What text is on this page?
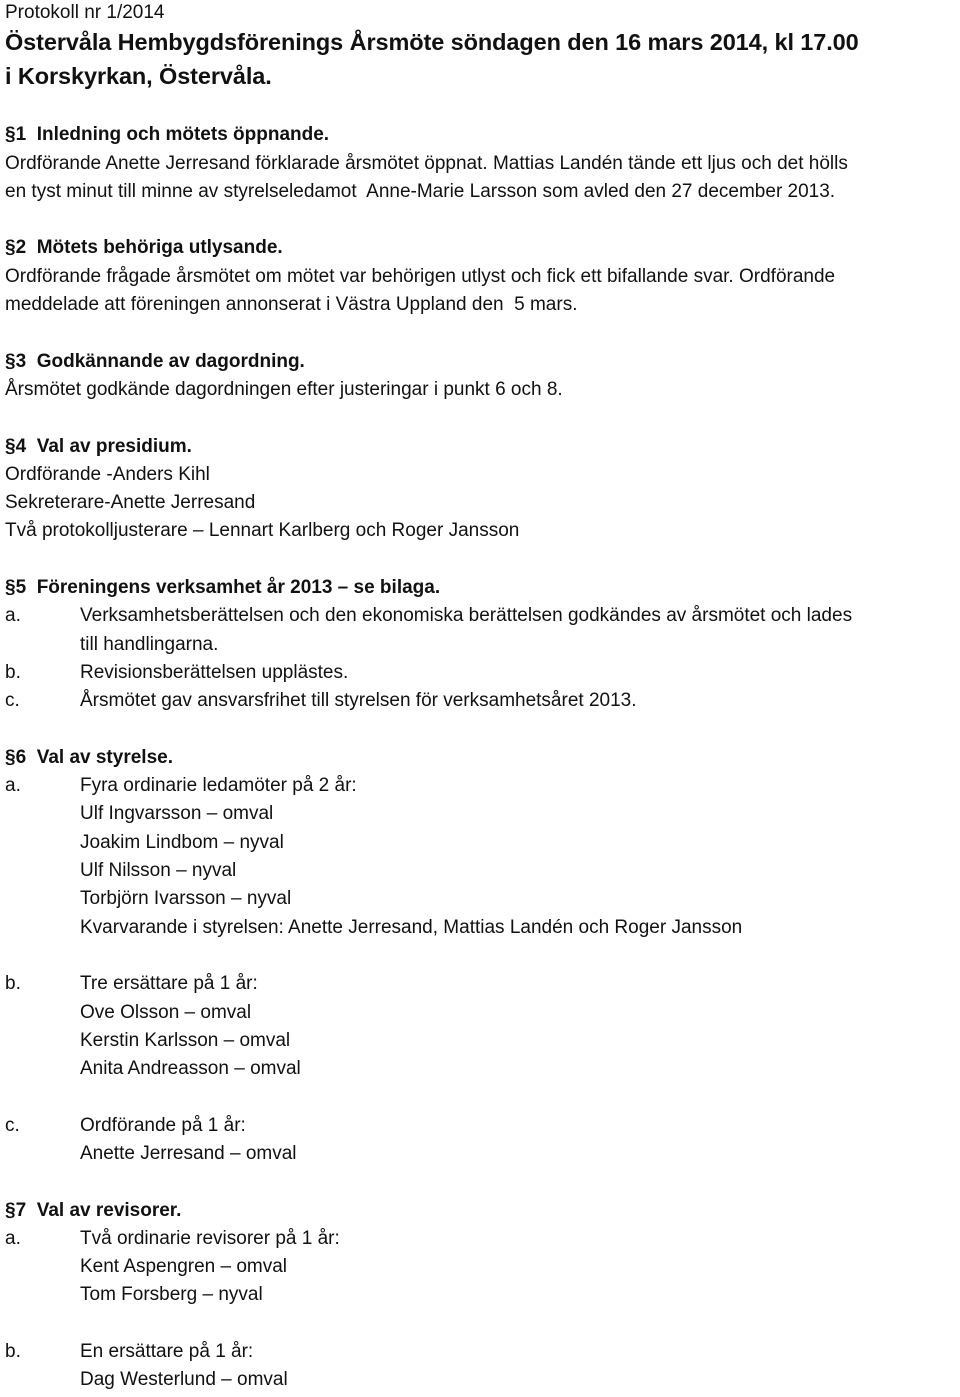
Protokoll nr 1/2014
Östervåla Hembygdsförenings Årsmöte söndagen den 16 mars 2014, kl 17.00
i Korskyrkan, Östervåla.
§1  Inledning och mötets öppnande.
Ordförande Anette Jerresand förklarade årsmötet öppnat. Mattias Landén tände ett ljus och det hölls
en tyst minut till minne av styrelseledamot  Anne-Marie Larsson som avled den 27 december 2013.
§2  Mötets behöriga utlysande.
Ordförande frågade årsmötet om mötet var behörigen utlyst och fick ett bifallande svar. Ordförande
meddelade att föreningen annonserat i Västra Uppland den  5 mars.
§3  Godkännande av dagordning.
Årsmötet godkände dagordningen efter justeringar i punkt 6 och 8.
§4  Val av presidium.
Ordförande -Anders Kihl
Sekreterare-Anette Jerresand
Två protokolljusterare – Lennart Karlberg och Roger Jansson
§5  Föreningens verksamhet år 2013 – se bilaga.
a.	Verksamhetsberättelsen och den ekonomiska berättelsen godkändes av årsmötet och lades
till handlingarna.
b.	Revisionsberättelsen upplästes.
c.	Årsmötet gav ansvarsfrihet till styrelsen för verksamhetsåret 2013.
§6  Val av styrelse.
a.	Fyra ordinarie ledamöter på 2 år:
Ulf Ingvarsson – omval
Joakim Lindbom – nyval
Ulf Nilsson – nyval
Torbjörn Ivarsson – nyval
Kvarvarande i styrelsen: Anette Jerresand, Mattias Landén och Roger Jansson
b.	Tre ersättare på 1 år:
Ove Olsson – omval
Kerstin Karlsson – omval
Anita Andreasson – omval
c.	Ordförande på 1 år:
Anette Jerresand – omval
§7  Val av revisorer.
a.	Två ordinarie revisorer på 1 år:
Kent Aspengren – omval
Tom Forsberg – nyval
b.	En ersättare på 1 år:
Dag Westerlund – omval
